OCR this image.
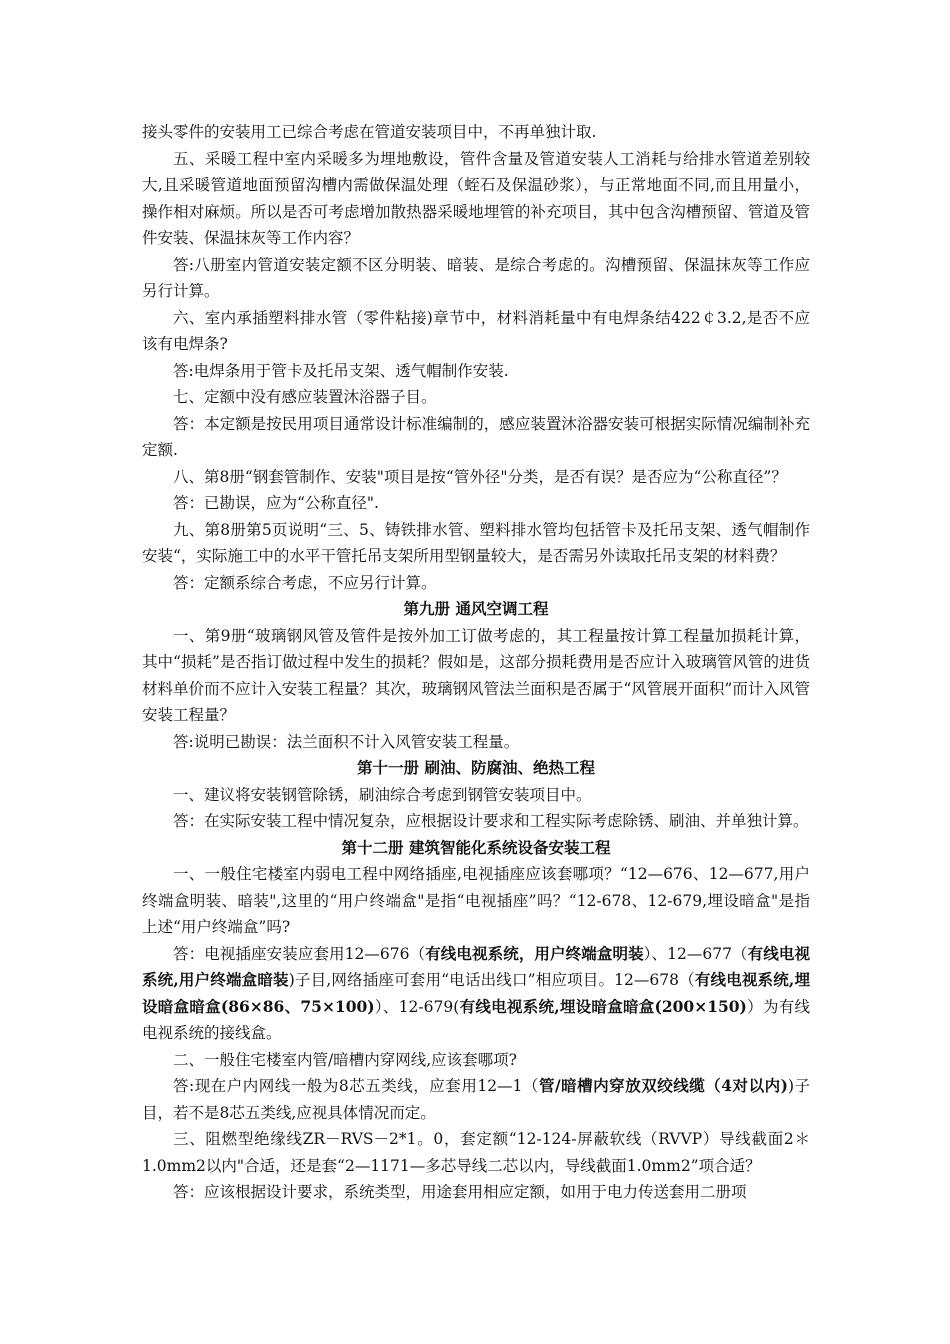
接头零件的安装用工已综合考虑在管道安装项目中，不再单独计取.

五、采暖工程中室内采暖多为埋地敷设，管件含量及管道安装人工消耗与给排水管道差别较大,且采暖管道地面预留沟槽内需做保温处理（蛭石及保温砂浆），与正常地面不同,而且用量小，操作相对麻烦。所以是否可考虑增加散热器采暖地埋管的补充项目，其中包含沟槽预留、管道及管件安装、保温抹灰等工作内容？

答:八册室内管道安装定额不区分明装、暗装、是综合考虑的。沟槽预留、保温抹灰等工作应另行计算。

六、室内承插塑料排水管（零件粘接)章节中，材料消耗量中有电焊条结422￠3.2,是否不应该有电焊条?

答:电焊条用于管卡及托吊支架、透气帽制作安装.

七、定额中没有感应装置沐浴器子目。

答：本定额是按民用项目通常设计标准编制的，感应装置沐浴器安装可根据实际情况编制补充定额.

八、第8册“钢套管制作、安装"项目是按“管外径"分类，是否有误？是否应为“公称直径”？

答：已勘误，应为“公称直径".

九、第8册第5页说明“三、5、铸铁排水管、塑料排水管均包括管卡及托吊支架、透气帽制作安装“，实际施工中的水平干管托吊支架所用型钢量较大，是否需另外读取托吊支架的材料费？

答：定额系综合考虑，不应另行计算。

第九册 通风空调工程

一、第9册“玻璃钢风管及管件是按外加工订做考虑的，其工程量按计算工程量加损耗计算，其中“损耗”是否指订做过程中发生的损耗？假如是，这部分损耗费用是否应计入玻璃管风管的进货材料单价而不应计入安装工程量？其次，玻璃钢风管法兰面积是否属于“风管展开面积”而计入风管安装工程量？

答:说明已勘误：法兰面积不计入风管安装工程量。

第十一册 刷油、防腐油、绝热工程

一、建议将安装钢管除锈，刷油综合考虑到钢管安装项目中。

答：在实际安装工程中情况复杂，应根据设计要求和工程实际考虑除锈、刷油、并单独计算。

第十二册 建筑智能化系统设备安装工程

一、一般住宅楼室内弱电工程中网络插座,电视插座应该套哪项？“12—676、12—677,用户终端盒明装、暗装",这里的“用户终端盒"是指“电视插座”吗？“12-678、12-679,埋设暗盒"是指上述“用户终端盒”吗?

答：电视插座安装应套用12—676（有线电视系统，用户终端盒明装）、12—677（有线电视系统,用户终端盒暗装)子目,网络插座可套用“电话出线口”相应项目。12—678（有线电视系统,埋设暗盒暗盒(86×86、75×100)）、12-679(有线电视系统,埋设暗盒暗盒(200×150)）为有线电视系统的接线盒。

二、一般住宅楼室内管/暗槽内穿网线,应该套哪项?

答:现在户内网线一般为8芯五类线，应套用12—1（管/暗槽内穿放双绞线缆（4对以内))子目，若不是8芯五类线,应视具体情况而定。

三、阻燃型绝缘线ZR－RVS－2*1。0，套定额“12-124-屏蔽软线（RVVP）导线截面2＊1.0mm2以内"合适，还是套“2—1171—多芯导线二芯以内，导线截面1.0mm2”项合适？

答：应该根据设计要求，系统类型，用途套用相应定额，如用于电力传送套用二册项
